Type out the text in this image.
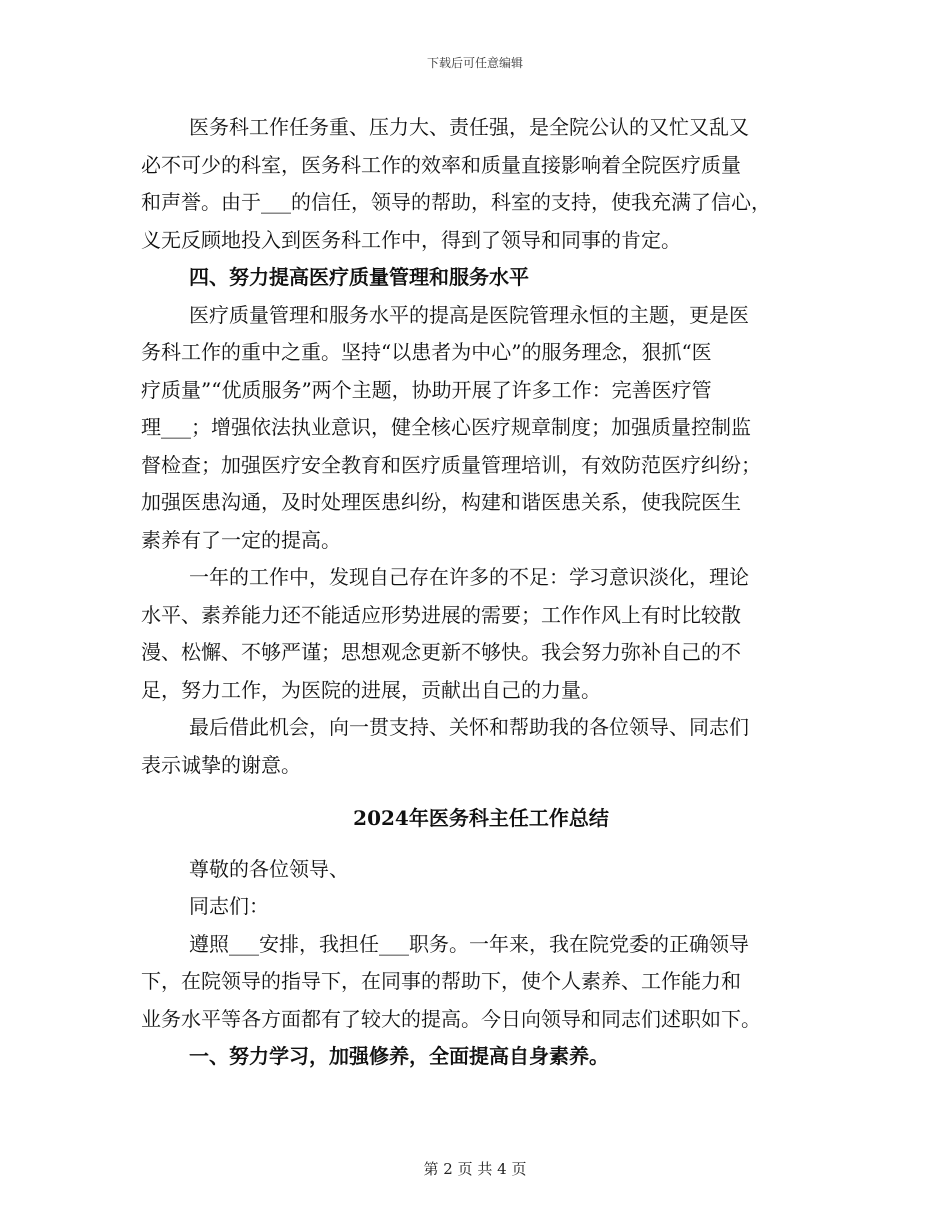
下载后可任意编辑
医务科工作任务重、压力大、责任强，是全院公认的又忙又乱又
必不可少的科室，医务科工作的效率和质量直接影响着全院医疗质量
和声誉。由于___的信任，领导的帮助，科室的支持，使我充满了信心，
义无反顾地投入到医务科工作中，得到了领导和同事的肯定。
四、努力提高医疗质量管理和服务水平
医疗质量管理和服务水平的提高是医院管理永恒的主题，更是医
务科工作的重中之重。坚持“以患者为中心”的服务理念，狠抓“医
疗质量”“优质服务”两个主题，协助开展了许多工作：完善医疗管
理___；增强依法执业意识，健全核心医疗规章制度；加强质量控制监
督检查；加强医疗安全教育和医疗质量管理培训，有效防范医疗纠纷；
加强医患沟通，及时处理医患纠纷，构建和谐医患关系，使我院医生
素养有了一定的提高。
一年的工作中，发现自己存在许多的不足：学习意识淡化，理论
水平、素养能力还不能适应形势进展的需要；工作作风上有时比较散
漫、松懈、不够严谨；思想观念更新不够快。我会努力弥补自己的不
足，努力工作，为医院的进展，贡献出自己的力量。
最后借此机会，向一贯支持、关怀和帮助我的各位领导、同志们
表示诚挚的谢意。
2024年医务科主任工作总结
尊敬的各位领导、
同志们：
遵照___安排，我担任___职务。一年来，我在院党委的正确领导
下，在院领导的指导下，在同事的帮助下，使个人素养、工作能力和
业务水平等各方面都有了较大的提高。今日向领导和同志们述职如下。
一、努力学习，加强修养，全面提高自身素养。
第 2 页 共 4 页
